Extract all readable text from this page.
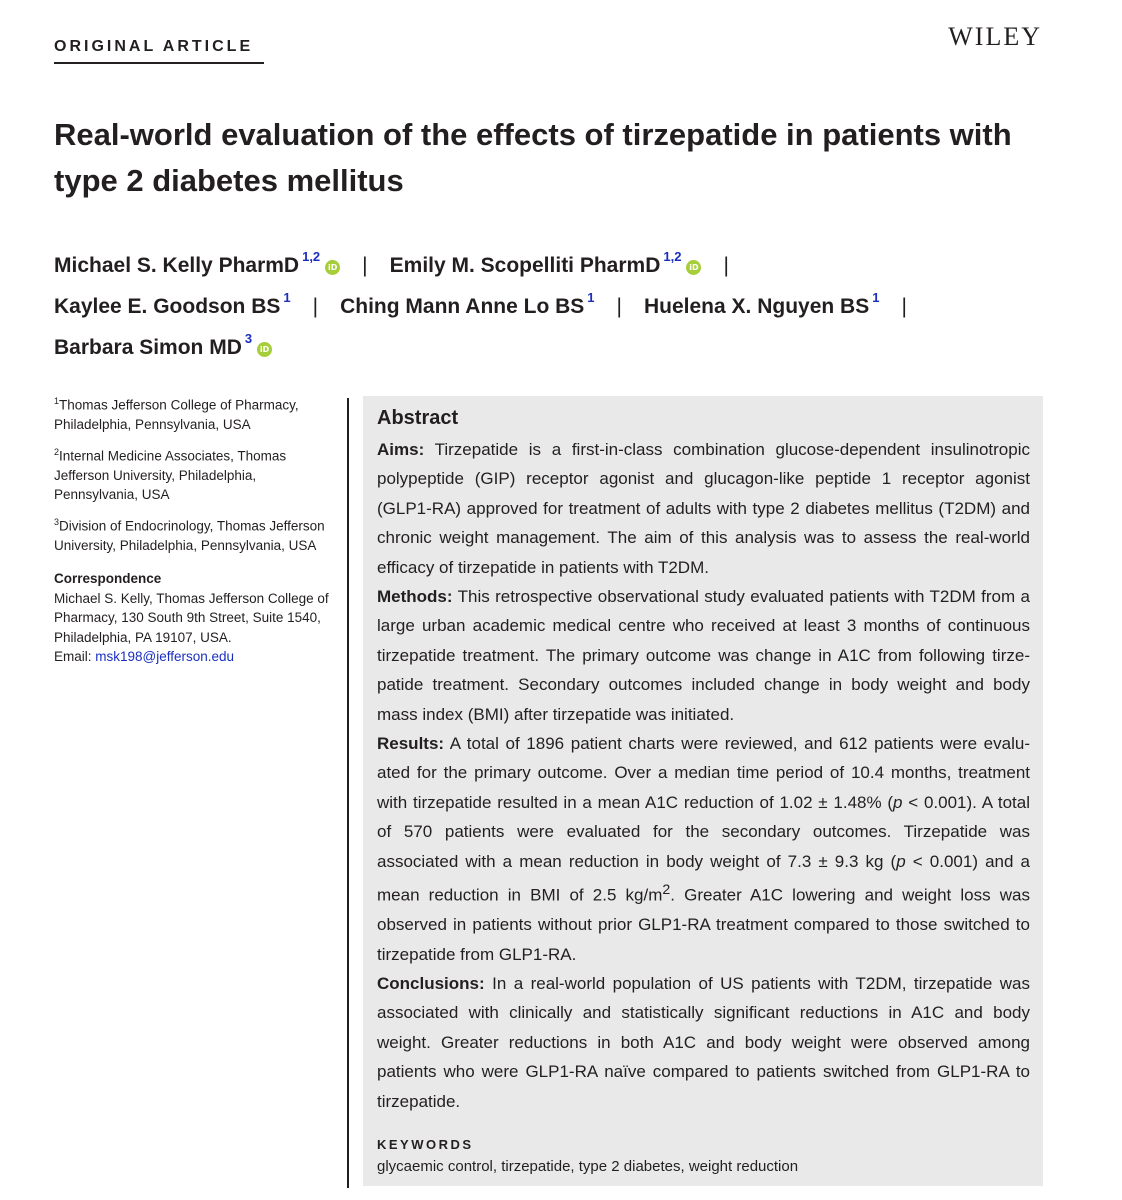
ORIGINAL ARTICLE	WILEY
Real-world evaluation of the effects of tirzepatide in patients with type 2 diabetes mellitus
Michael S. Kelly PharmD $^{1,2}$iD | Emily M. Scopelliti PharmD $^{1,2}$iD |
Kaylee E. Goodson BS $^1$ | Ching Mann Anne Lo BS $^1$ | Huelena X. Nguyen BS $^1$ |
Barbara Simon MD $^3$iD

$^1$Thomas Jefferson College of Pharmacy, Philadelphia, Pennsylvania, USA

$^2$Internal Medicine Associates, Thomas Jefferson University, Philadelphia, Pennsylvania, USA

$^3$Division of Endocrinology, Thomas Jefferson University, Philadelphia, Pennsylvania, USA

Correspondence
Michael S. Kelly, Thomas Jefferson College of Pharmacy, 130 South 9th Street, Suite 1540, Philadelphia, PA 19107, USA.
Email: msk198@jefferson.edu
Abstract

Aims: Tirzepatide is a first-in-class combination glucose-dependent insulinotropic polypeptide (GIP) receptor agonist and glucagon-like peptide 1 receptor agonist (GLP1-RA) approved for treatment of adults with type 2 diabetes mellitus (T2DM) and chronic weight management. The aim of this analysis was to assess the real-world efficacy of tirzepatide in patients with T2DM.

Methods: This retrospective observational study evaluated patients with T2DM from a large urban academic medical centre who received at least 3 months of continuous tirzepatide treatment. The primary outcome was change in A1C from following tirzepatide treatment. Secondary outcomes included change in body weight and body mass index (BMI) after tirzepatide was initiated.

Results: A total of 1896 patient charts were reviewed, and 612 patients were evaluated for the primary outcome. Over a median time period of 10.4 months, treatment with tirzepatide resulted in a mean A1C reduction of 1.02 ± 1.48% (p < 0.001). A total of 570 patients were evaluated for the secondary outcomes. Tirzepatide was associated with a mean reduction in body weight of 7.3 ± 9.3 kg (p < 0.001) and a mean reduction in BMI of 2.5 $kg/m^2$. Greater A1C lowering and weight loss was observed in patients without prior GLP1-RA treatment compared to those switched to tirzepatide from GLP1-RA.

Conclusions: In a real-world population of US patients with T2DM, tirzepatide was associated with clinically and statistically significant reductions in A1C and body weight. Greater reductions in both A1C and body weight were observed among patients who were GLP1-RA naïve compared to patients switched from GLP1-RA to tirzepatide.

KEYWORDS
glycaemic control, tirzepatide, type 2 diabetes, weight reduction
